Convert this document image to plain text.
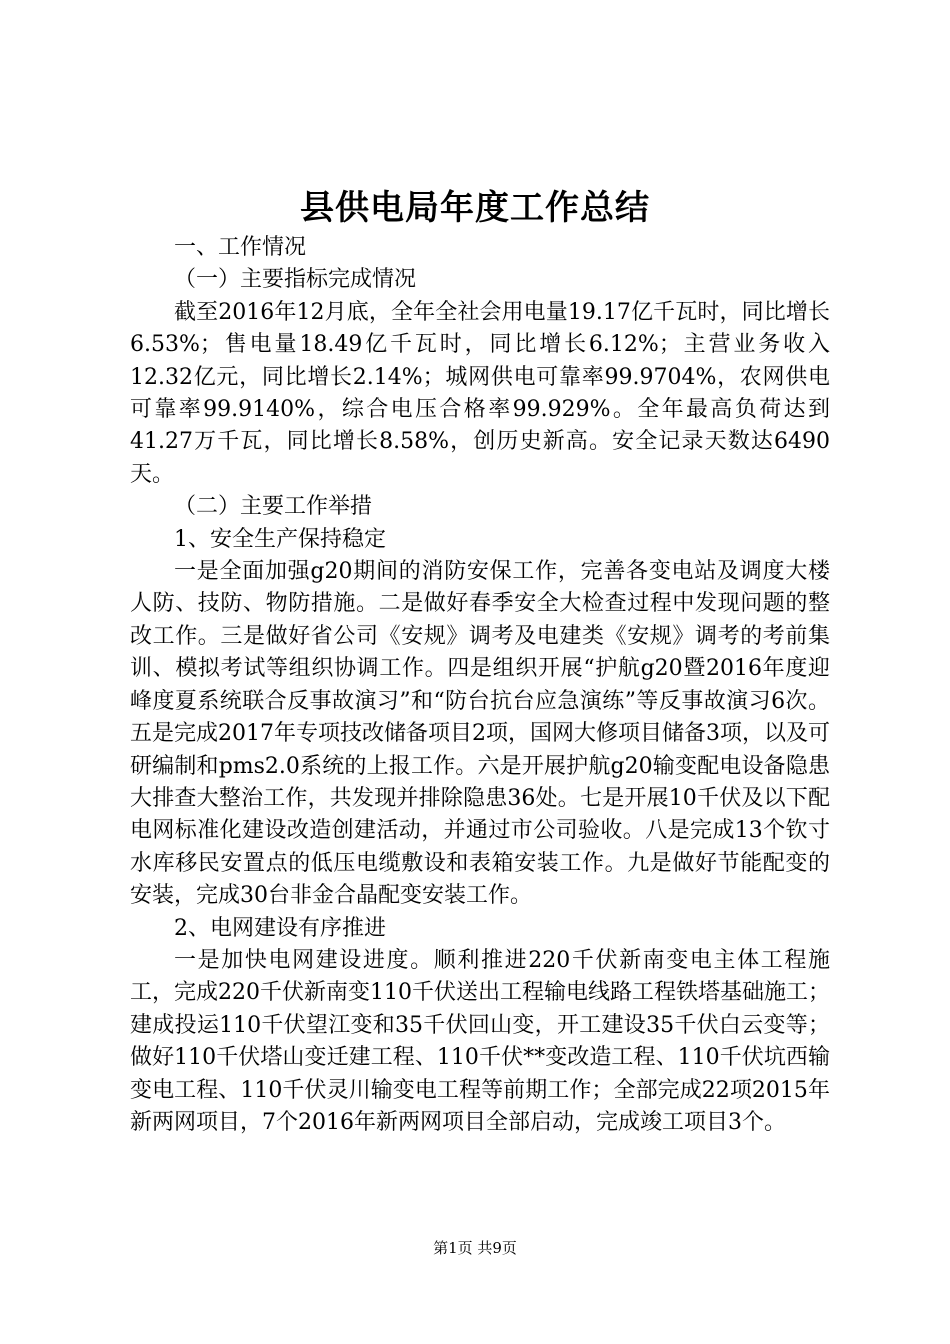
县供电局年度工作总结

一、工作情况

（一）主要指标完成情况

截至2016年12月底，全年全社会用电量19.17亿千瓦时，同比增长6.53%；售电量18.49亿千瓦时，同比增长6.12%；主营业务收入12.32亿元，同比增长2.14%；城网供电可靠率99.9704%，农网供电可靠率99.9140%，综合电压合格率99.929%。全年最高负荷达到41.27万千瓦，同比增长8.58%，创历史新高。安全记录天数达6490天。

（二）主要工作举措

1、安全生产保持稳定

一是全面加强g20期间的消防安保工作，完善各变电站及调度大楼人防、技防、物防措施。二是做好春季安全大检查过程中发现问题的整改工作。三是做好省公司《安规》调考及电建类《安规》调考的考前集训、模拟考试等组织协调工作。四是组织开展“护航g20暨2016年度迎峰度夏系统联合反事故演习”和“防台抗台应急演练”等反事故演习6次。五是完成2017年专项技改储备项目2项，国网大修项目储备3项，以及可研编制和pms2.0系统的上报工作。六是开展护航g20输变配电设备隐患大排查大整治工作，共发现并排除隐患36处。七是开展10千伏及以下配电网标准化建设改造创建活动，并通过市公司验收。八是完成13个钦寸水库移民安置点的低压电缆敷设和表箱安装工作。九是做好节能配变的安装，完成30台非金合晶配变安装工作。

2、电网建设有序推进

一是加快电网建设进度。顺利推进220千伏新南变电主体工程施工，完成220千伏新南变110千伏送出工程输电线路工程铁塔基础施工；建成投运110千伏望江变和35千伏回山变，开工建设35千伏白云变等；做好110千伏塔山变迁建工程、110千伏**变改造工程、110千伏坑西输变电工程、110千伏灵川输变电工程等前期工作；全部完成22项2015年新两网项目，7个2016年新两网项目全部启动，完成竣工项目3个。

第1页 共9页
